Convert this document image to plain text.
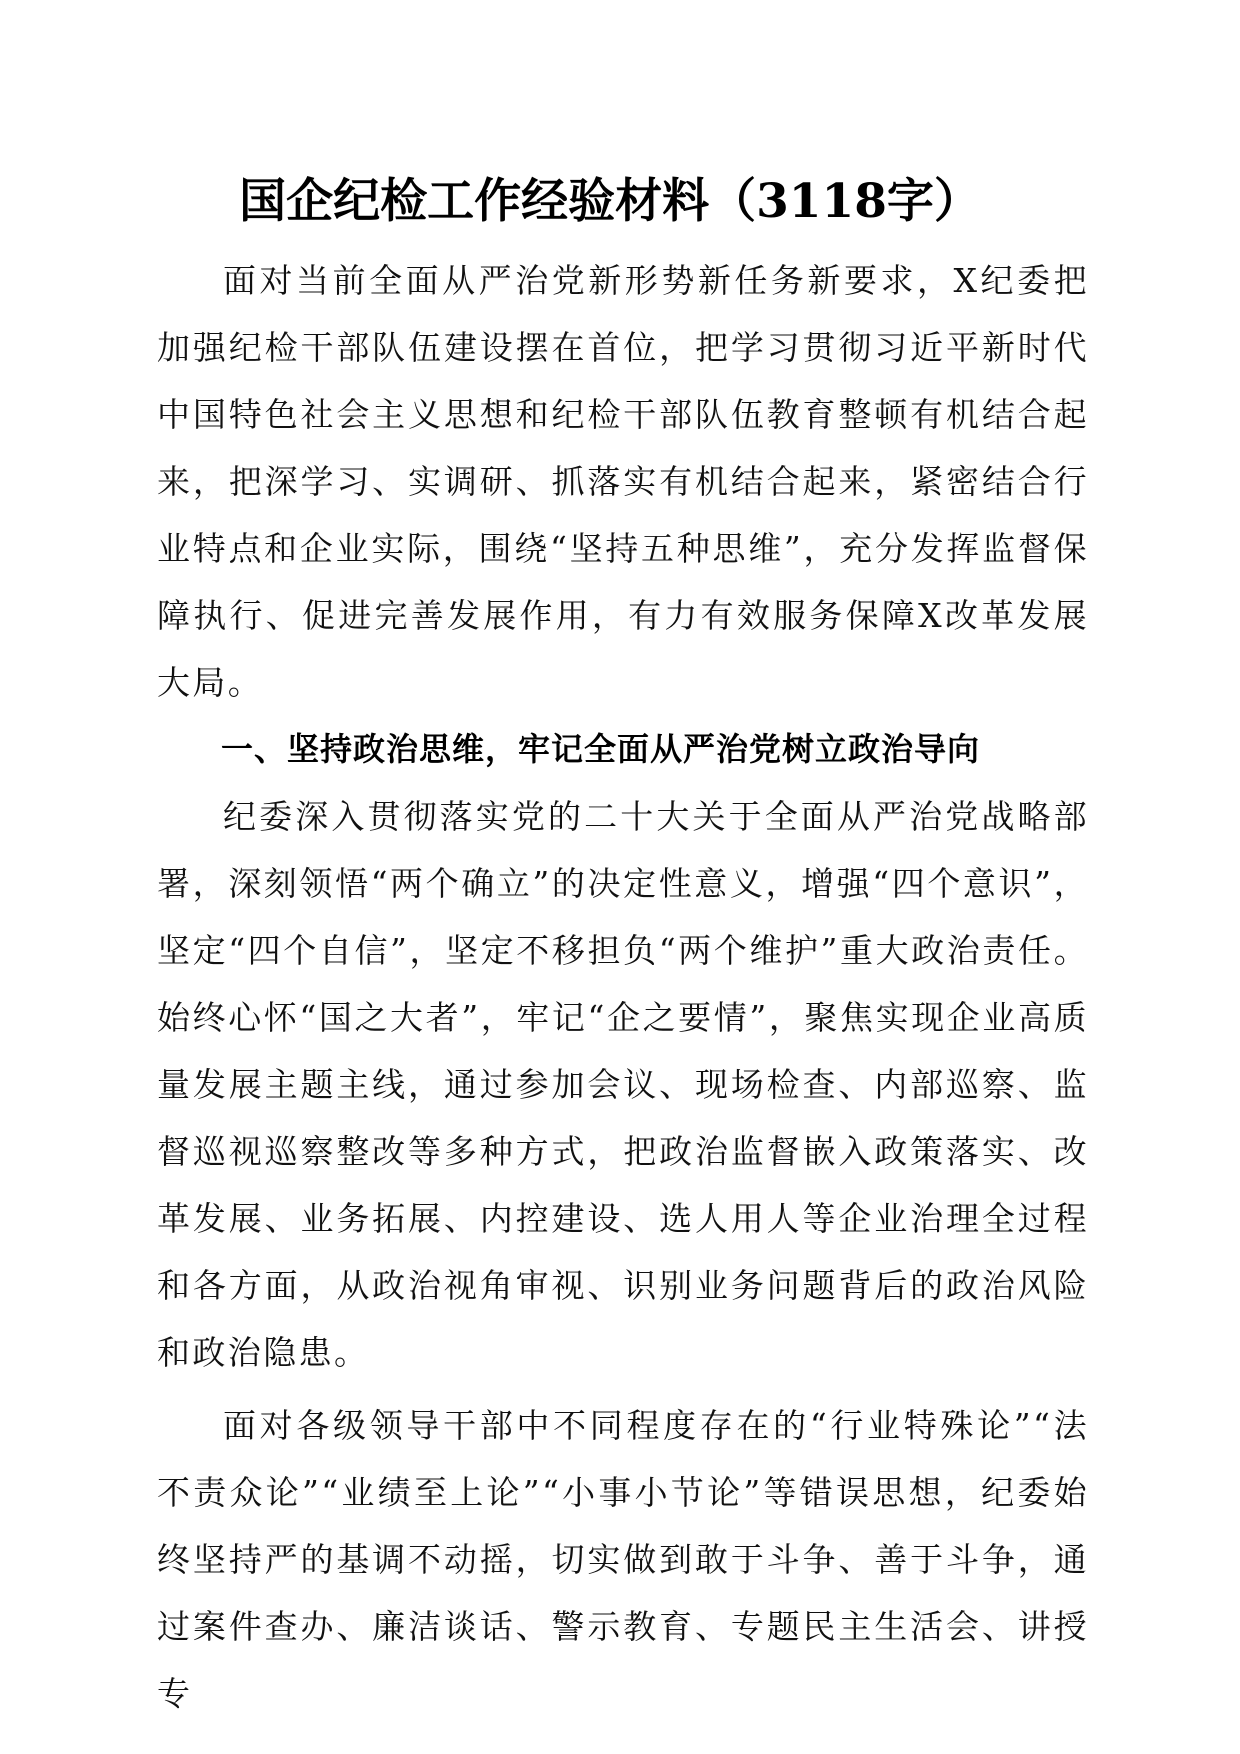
国企纪检工作经验材料（3118字）

面对当前全面从严治党新形势新任务新要求，X纪委把加强纪检干部队伍建设摆在首位，把学习贯彻习近平新时代中国特色社会主义思想和纪检干部队伍教育整顿有机结合起来，把深学习、实调研、抓落实有机结合起来，紧密结合行业特点和企业实际，围绕“坚持五种思维”，充分发挥监督保障执行、促进完善发展作用，有力有效服务保障X改革发展大局。

一、坚持政治思维，牢记全面从严治党树立政治导向

纪委深入贯彻落实党的二十大关于全面从严治党战略部署，深刻领悟“两个确立”的决定性意义，增强“四个意识”，坚定“四个自信”，坚定不移担负“两个维护”重大政治责任。始终心怀“国之大者”，牢记“企之要情”，聚焦实现企业高质量发展主题主线，通过参加会议、现场检查、内部巡察、监督巡视巡察整改等多种方式，把政治监督嵌入政策落实、改革发展、业务拓展、内控建设、选人用人等企业治理全过程和各方面，从政治视角审视、识别业务问题背后的政治风险和政治隐患。

面对各级领导干部中不同程度存在的“行业特殊论”“法不责众论”“业绩至上论”“小事小节论”等错误思想，纪委始终坚持严的基调不动摇，切实做到敢于斗争、善于斗争，通过案件查办、廉洁谈话、警示教育、专题民主生活会、讲授专
